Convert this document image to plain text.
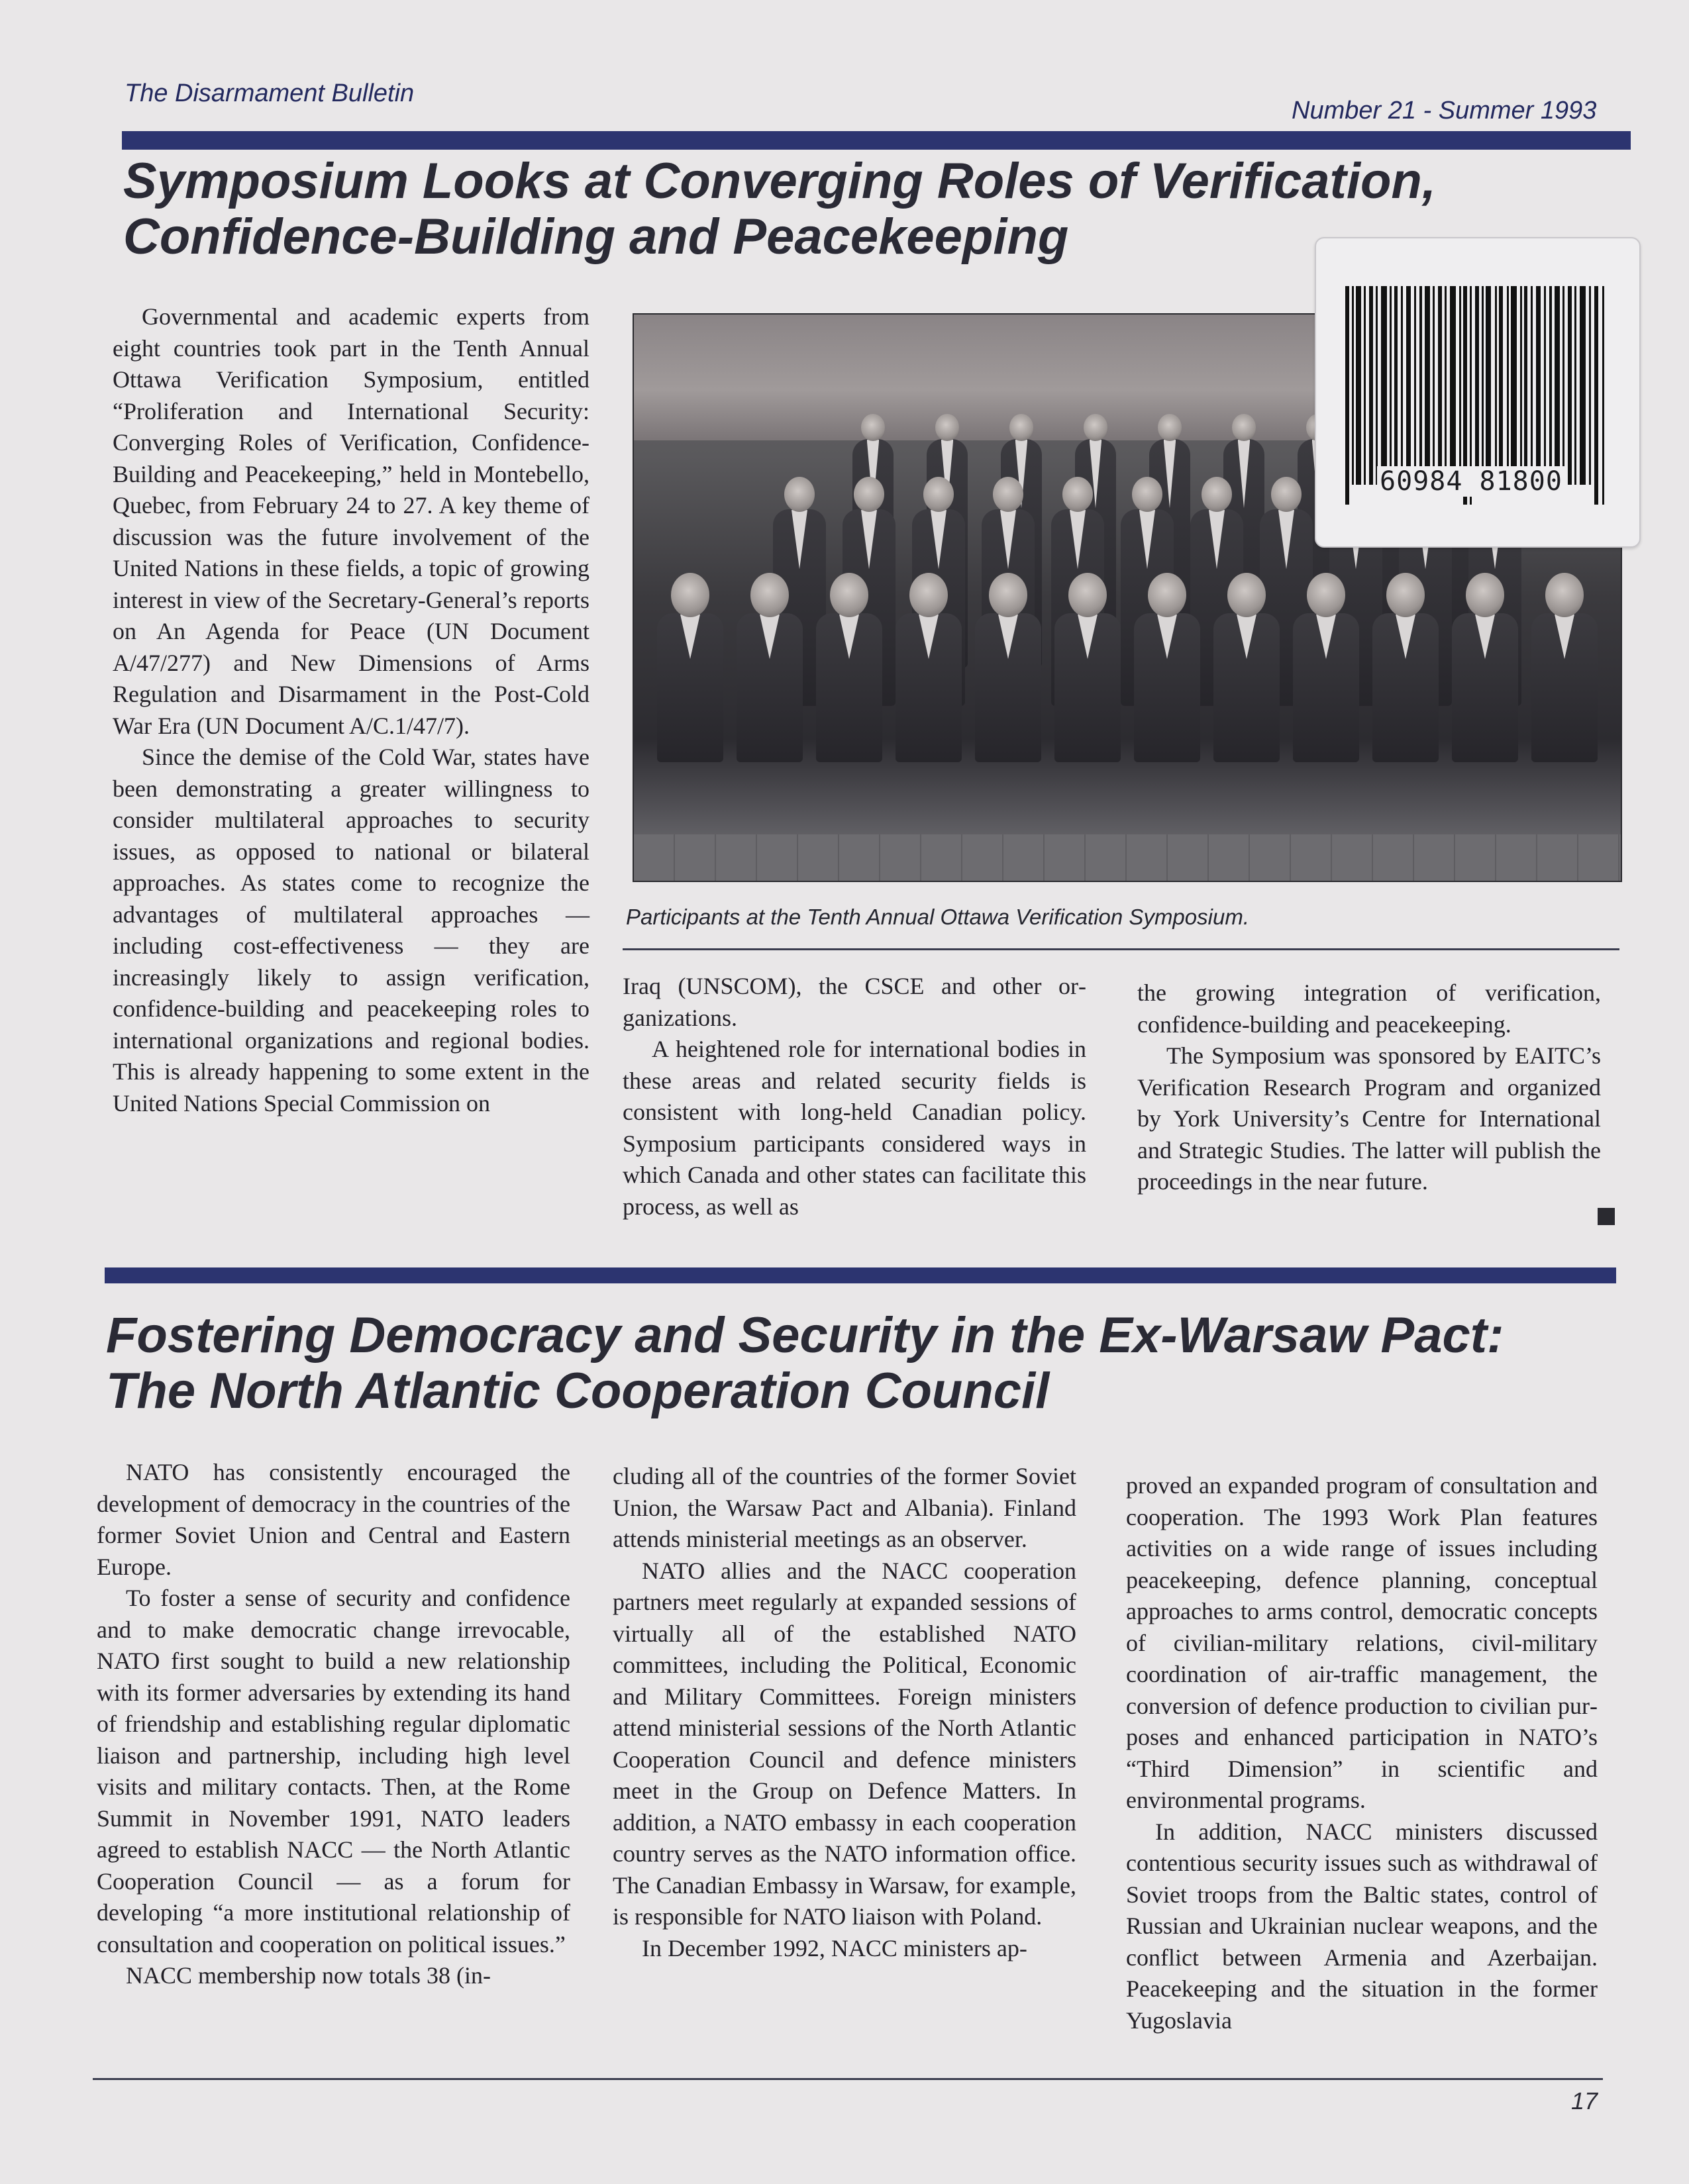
The Disarmament Bulletin
Number 21 - Summer 1993
Symposium Looks at Converging Roles of Verification,
Confidence-Building and Peacekeeping

Governmental and academic experts from eight countries took part in the Tenth Annual Ottawa Verification Symposium, entitled “Proliferation and International Security: Converging Roles of Verification, Confidence-Building and Peacekeeping,” held in Montebello, Quebec, from February 24 to 27. A key theme of discussion was the future involvement of the United Nations in these fields, a topic of growing interest in view of the Secretary-General’s reports on An Agenda for Peace (UN Document A/47/277) and New Dimensions of Arms Regulation and Disarmament in the Post-Cold War Era (UN Document A/C.1/47/7).

Since the demise of the Cold War, states have been demonstrating a greater willingness to consider multilateral approaches to security issues, as opposed to national or bilateral approaches. As states come to recognize the advantages of multilateral approaches — including cost-effectiveness — they are increasingly likely to assign verification, confidence-building and peacekeeping roles to international organizations and regional bodies. This is already happening to some extent in the United Nations Special Commission on

60984 81800
Participants at the Tenth Annual Ottawa Verification Symposium.

Iraq (UNSCOM), the CSCE and other organizations.

A heightened role for international bodies in these areas and related security fields is consistent with long-held Canadian policy. Symposium participants considered ways in which Canada and other states can facilitate this process, as well as

the growing integration of verification, confidence-building and peacekeeping.

The Symposium was sponsored by EAITC’s Verification Research Program and organized by York University’s Centre for International and Strategic Studies. The latter will publish the proceedings in the near future.

Fostering Democracy and Security in the Ex-Warsaw Pact:
The North Atlantic Cooperation Council

NATO has consistently encouraged the development of democracy in the countries of the former Soviet Union and Central and Eastern Europe.

To foster a sense of security and confidence and to make democratic change irrevocable, NATO first sought to build a new relationship with its former adversaries by extending its hand of friendship and establishing regular diplomatic liaison and partnership, including high level visits and military contacts. Then, at the Rome Summit in November 1991, NATO leaders agreed to establish NACC — the North Atlantic Cooperation Council — as a forum for developing “a more institutional relationship of consultation and cooperation on political issues.”

NACC membership now totals 38 (in-

cluding all of the countries of the former Soviet Union, the Warsaw Pact and Albania). Finland attends ministerial meetings as an observer.

NATO allies and the NACC cooperation partners meet regularly at expanded sessions of virtually all of the established NATO committees, including the Political, Economic and Military Committees. Foreign ministers attend ministerial sessions of the North Atlantic Cooperation Council and defence ministers meet in the Group on Defence Matters. In addition, a NATO embassy in each cooperation country serves as the NATO information office. The Canadian Embassy in Warsaw, for example, is responsible for NATO liaison with Poland.

In December 1992, NACC ministers ap-

proved an expanded program of consultation and cooperation. The 1993 Work Plan features activities on a wide range of issues including peacekeeping, defence planning, conceptual approaches to arms control, democratic concepts of civilian-military relations, civil-military coordination of air-traffic management, the conversion of defence production to civilian purposes and enhanced participation in NATO’s “Third Dimension” in scientific and environmental programs.

In addition, NACC ministers discussed contentious security issues such as withdrawal of Soviet troops from the Baltic states, control of Russian and Ukrainian nuclear weapons, and the conflict between Armenia and Azerbaijan. Peacekeeping and the situation in the former Yugoslavia

17
